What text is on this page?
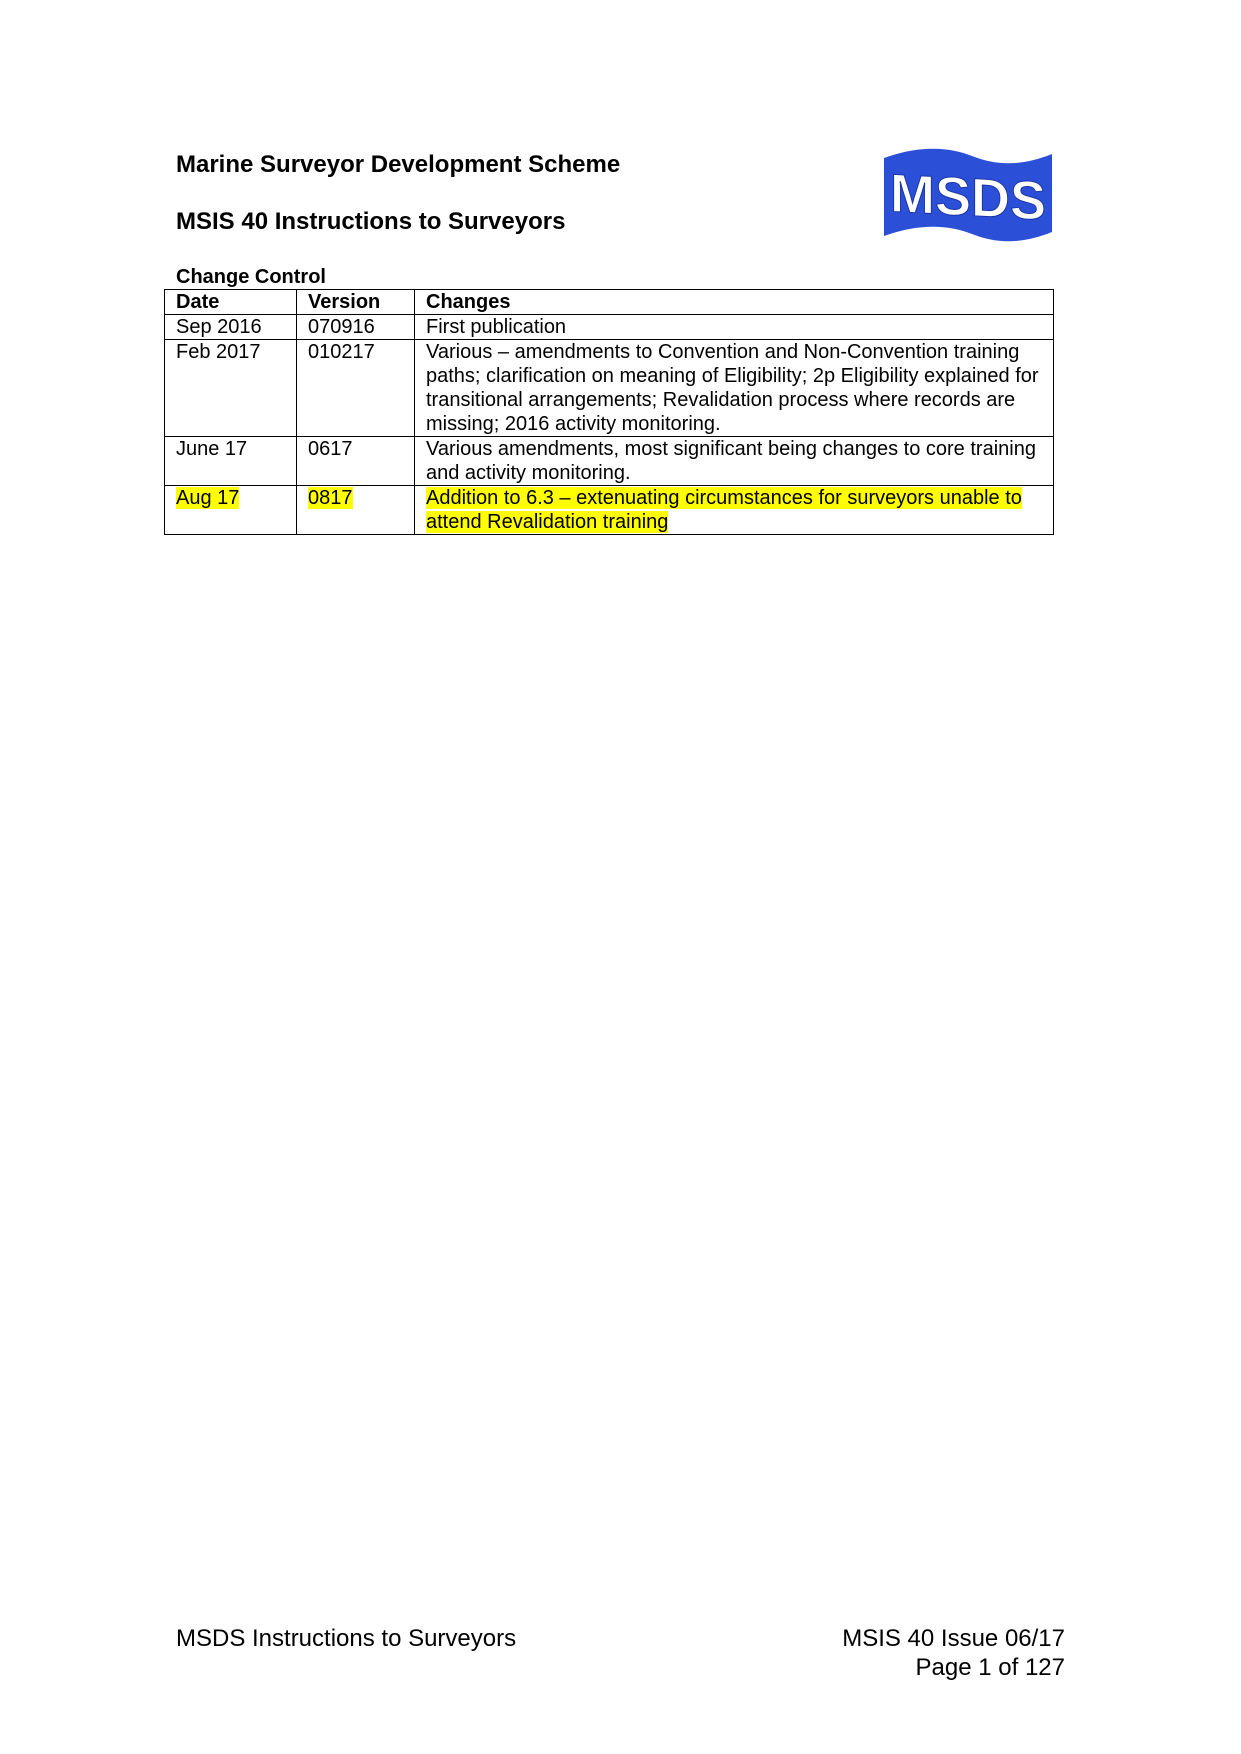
Marine Surveyor Development Scheme
MSIS 40 Instructions to Surveyors	MSDS
Change Control
Date	Version	Changes
Sep 2016	070916	First publication
Feb 2017	010217	Various – amendments to Convention and Non-Convention training paths; clarification on meaning of Eligibility; 2p Eligibility explained for transitional arrangements; Revalidation process where records are missing; 2016 activity monitoring.
June 17	0617	Various amendments, most significant being changes to core training and activity monitoring.
Aug 17	0817	Addition to 6.3 – extenuating circumstances for surveyors unable to attend Revalidation training
MSDS Instructions to Surveyors	MSIS 40 Issue 06/17
Page 1 of 127
